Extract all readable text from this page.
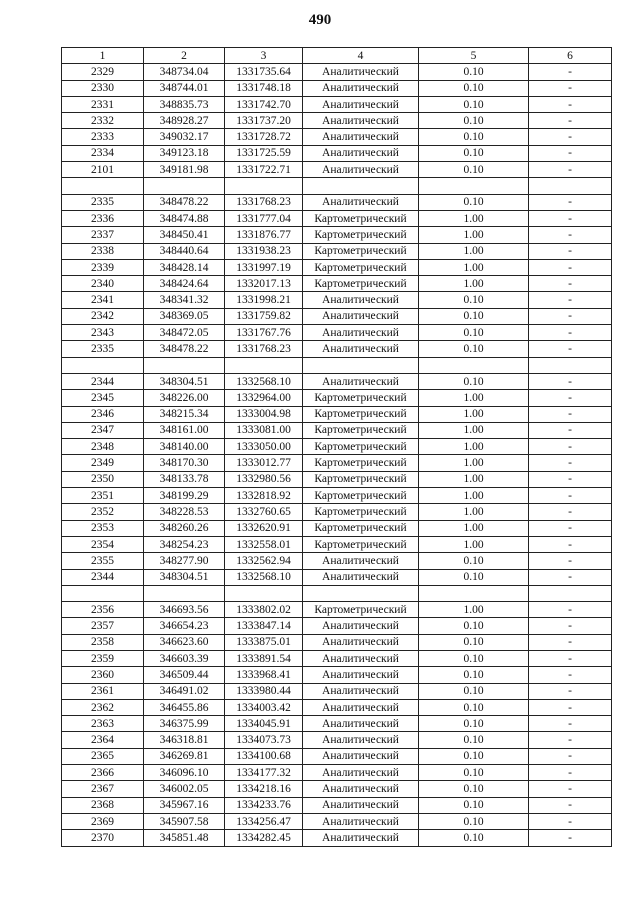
490
1	2	3	4	5	6
2329	348734.04	1331735.64	Аналитический	0.10	-
2330	348744.01	1331748.18	Аналитический	0.10	-
2331	348835.73	1331742.70	Аналитический	0.10	-
2332	348928.27	1331737.20	Аналитический	0.10	-
2333	349032.17	1331728.72	Аналитический	0.10	-
2334	349123.18	1331725.59	Аналитический	0.10	-
2101	349181.98	1331722.71	Аналитический	0.10	-

2335	348478.22	1331768.23	Аналитический	0.10	-
2336	348474.88	1331777.04	Картометрический	1.00	-
2337	348450.41	1331876.77	Картометрический	1.00	-
2338	348440.64	1331938.23	Картометрический	1.00	-
2339	348428.14	1331997.19	Картометрический	1.00	-
2340	348424.64	1332017.13	Картометрический	1.00	-
2341	348341.32	1331998.21	Аналитический	0.10	-
2342	348369.05	1331759.82	Аналитический	0.10	-
2343	348472.05	1331767.76	Аналитический	0.10	-
2335	348478.22	1331768.23	Аналитический	0.10	-

2344	348304.51	1332568.10	Аналитический	0.10	-
2345	348226.00	1332964.00	Картометрический	1.00	-
2346	348215.34	1333004.98	Картометрический	1.00	-
2347	348161.00	1333081.00	Картометрический	1.00	-
2348	348140.00	1333050.00	Картометрический	1.00	-
2349	348170.30	1333012.77	Картометрический	1.00	-
2350	348133.78	1332980.56	Картометрический	1.00	-
2351	348199.29	1332818.92	Картометрический	1.00	-
2352	348228.53	1332760.65	Картометрический	1.00	-
2353	348260.26	1332620.91	Картометрический	1.00	-
2354	348254.23	1332558.01	Картометрический	1.00	-
2355	348277.90	1332562.94	Аналитический	0.10	-
2344	348304.51	1332568.10	Аналитический	0.10	-

2356	346693.56	1333802.02	Картометрический	1.00	-
2357	346654.23	1333847.14	Аналитический	0.10	-
2358	346623.60	1333875.01	Аналитический	0.10	-
2359	346603.39	1333891.54	Аналитический	0.10	-
2360	346509.44	1333968.41	Аналитический	0.10	-
2361	346491.02	1333980.44	Аналитический	0.10	-
2362	346455.86	1334003.42	Аналитический	0.10	-
2363	346375.99	1334045.91	Аналитический	0.10	-
2364	346318.81	1334073.73	Аналитический	0.10	-
2365	346269.81	1334100.68	Аналитический	0.10	-
2366	346096.10	1334177.32	Аналитический	0.10	-
2367	346002.05	1334218.16	Аналитический	0.10	-
2368	345967.16	1334233.76	Аналитический	0.10	-
2369	345907.58	1334256.47	Аналитический	0.10	-
2370	345851.48	1334282.45	Аналитический	0.10	-
